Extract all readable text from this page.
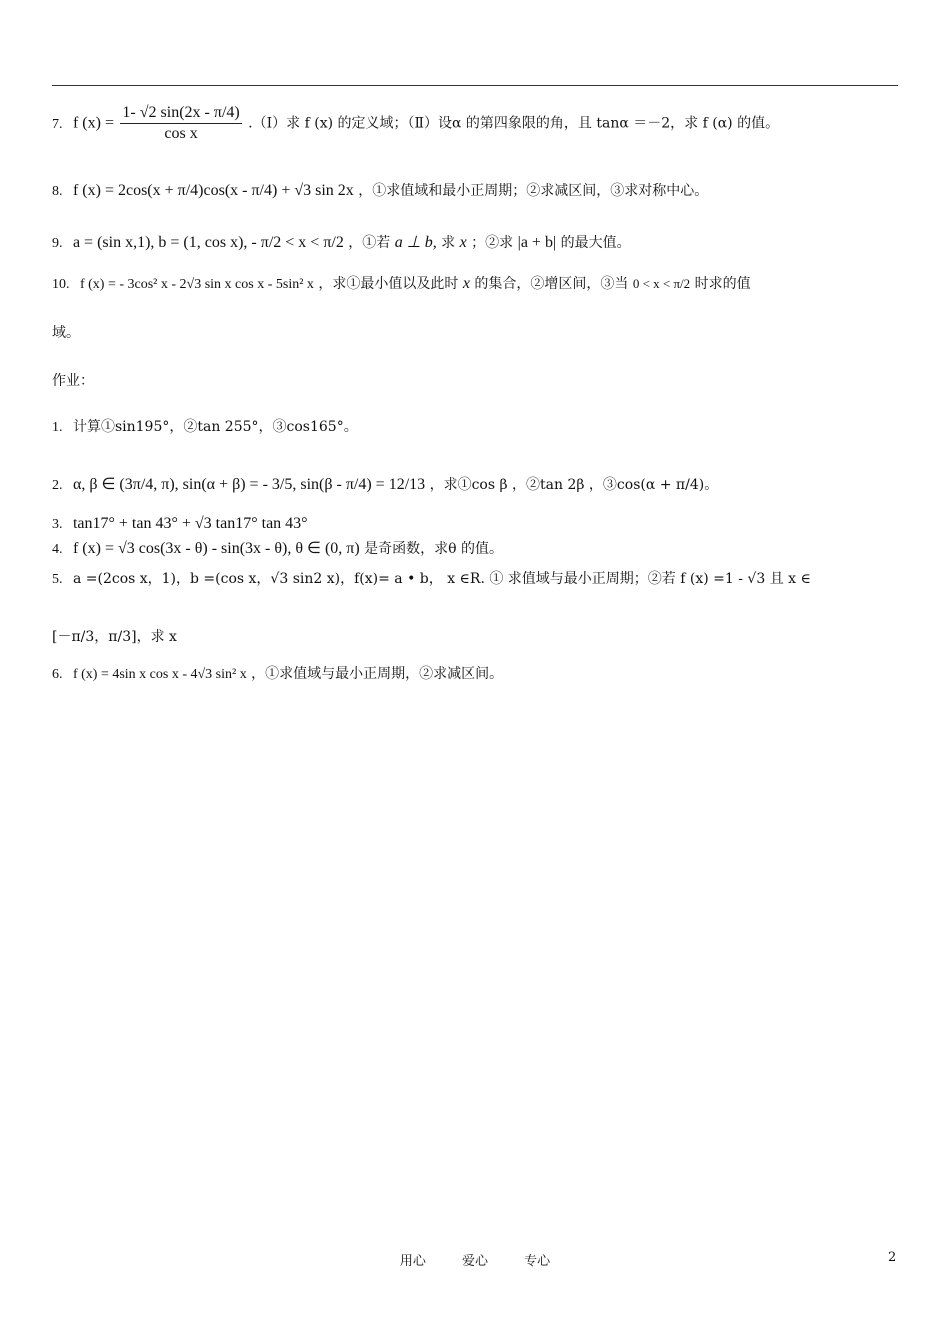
7. f $(x) = \frac{1- √2 \sin(2x - \pi/4)}{\text{cos x}}$ .（Ⅰ）求 f (x) 的定义域；（Ⅱ）设α 的第四象限的角，且 tanα ＝－2，求 f (α) 的值。
8. f (x) = 2cos(x + π/4)cos(x - π/4) + √3 sin 2x ，①求值域和最小正周期；②求减区间，③求对称中心。
9. a = (sin x,1), b = (1, cos x), - π/2 < x < π/2 ，①若 a ⊥ b, 求 x ；②求 |a + b| 的最大值。
10. f (x) = - 3cos² x - 2√3 sin x cos x - 5sin² x ，求①最小值以及此时 x 的集合，②增区间，③当 0 < x < π/2 时求的值
域。
作业：
1. 计算①sin195°，②tan 255°，③cos165°。
2. α, β ∈ (3π/4, π), sin(α + β) = - 3/5, sin(β - π/4) = 12/13 ，求①cos β ，②tan 2β ，③cos(α + π/4)。
3. tan17° + tan 43° + √3 tan17° tan 43°
4. f (x) = √3 cos(3x - θ) - sin(3x - θ), θ ∈ (0, π) 是奇函数，求θ 的值。
5. a =(2cos x，1)，b =(cos x，√3 sin2 x)，f(x)= a • b， x ∈R. ① 求值域与最小正周期；②若 f (x) =1 - √3 且 x ∈
[－π/3，π/3]，求 x
6. f (x) = 4sin x cos x - 4√3 sin² x ，①求值域与最小正周期，②求减区间。
用心	爱心	专心	2
